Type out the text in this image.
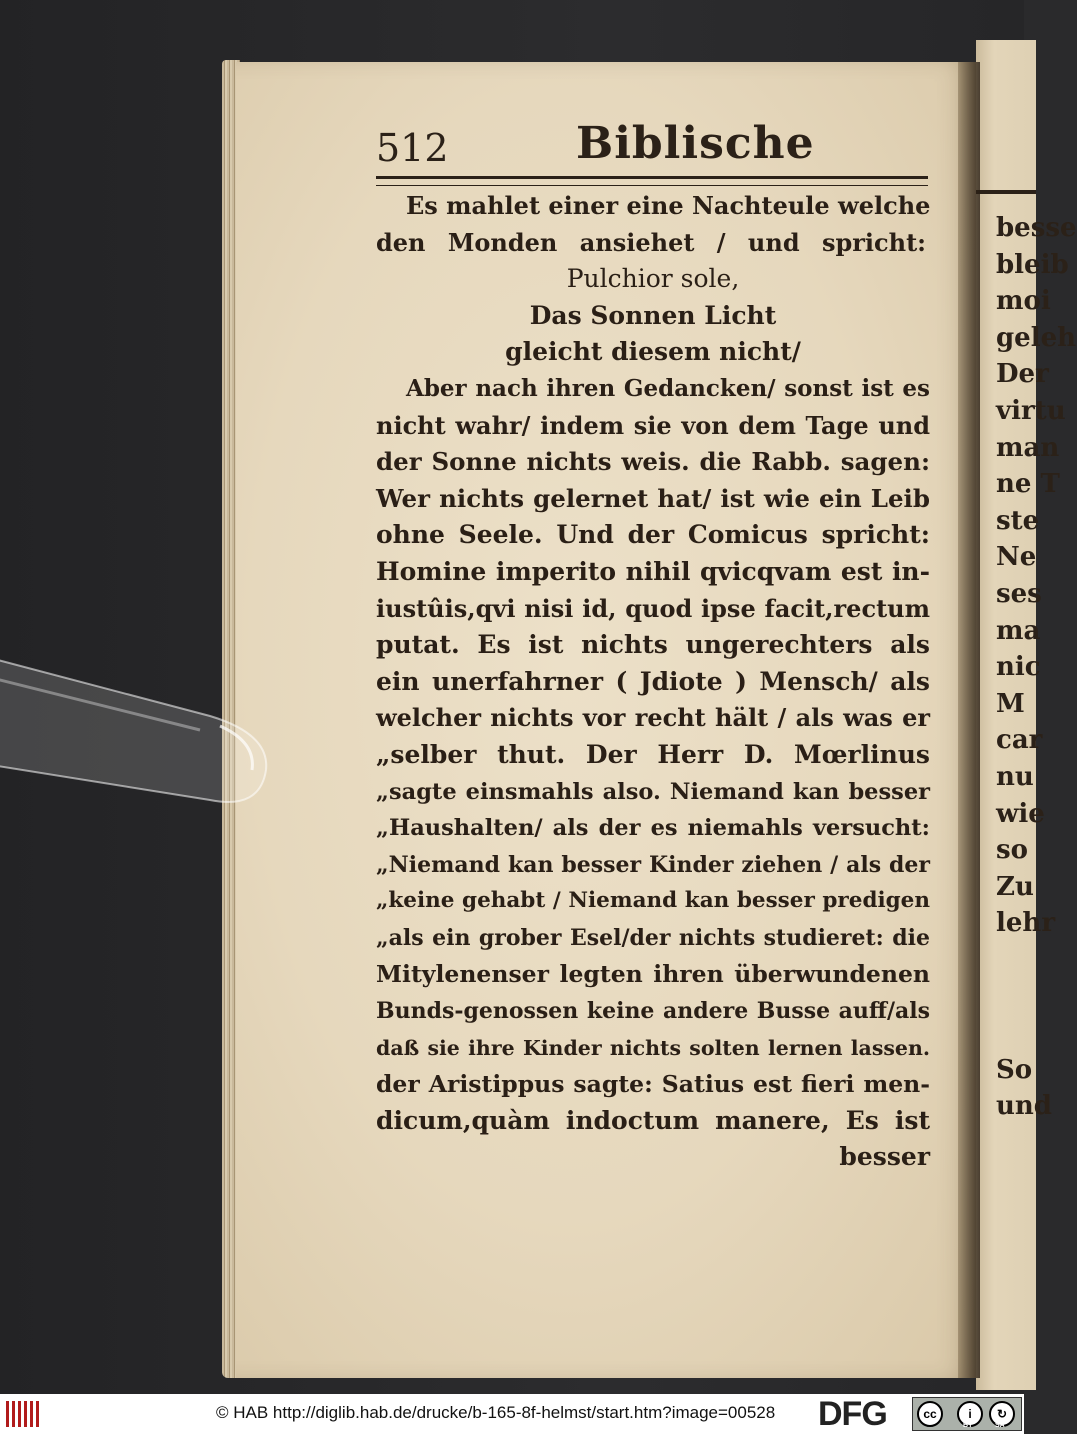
besse
bleib
moi
geleh
Der
virtu
man
ne T
ste
Ne
ses
ma
nic
M
car
nu
wie
so
Zu
lehr
So
und
512	Biblische
Es mahlet einer eine Nachteule welche
den Monden ansiehet / und spricht:
Pulchior sole,
Das Sonnen Licht
gleicht diesem nicht/
Aber nach ihren Gedancken/ sonst ist es
nicht wahr/ indem sie von dem Tage und
der Sonne nichts weis. die Rabb. sagen:
Wer nichts gelernet hat/ ist wie ein Leib
ohne Seele. Und der Comicus spricht:
Homine imperito nihil qvicqvam est in-
iustûis,qvi nisi id, quod ipse facit,rectum
putat. Es ist nichts ungerechters als
ein unerfahrner ( Jdiote ) Mensch/ als
welcher nichts vor recht hält / als was er
„selber thut. Der Herr D. Mœrlinus
„sagte einsmahls also. Niemand kan besser
„Haushalten/ als der es niemahls versucht:
„Niemand kan besser Kinder ziehen / als der
„keine gehabt / Niemand kan besser predigen
„als ein grober Esel/der nichts studieret: die
Mitylenenser legten ihren überwundenen
Bunds-genossen keine andere Busse auff/als
daß sie ihre Kinder nichts solten lernen lassen.
der Aristippus sagte: Satius est fieri men-
dicum,quàm indoctum manere, Es ist
besser
© HAB http://diglib.hab.de/drucke/b-165-8f-helmst/start.htm?image=00528 DFG	cc	i	↻
BY	SA
